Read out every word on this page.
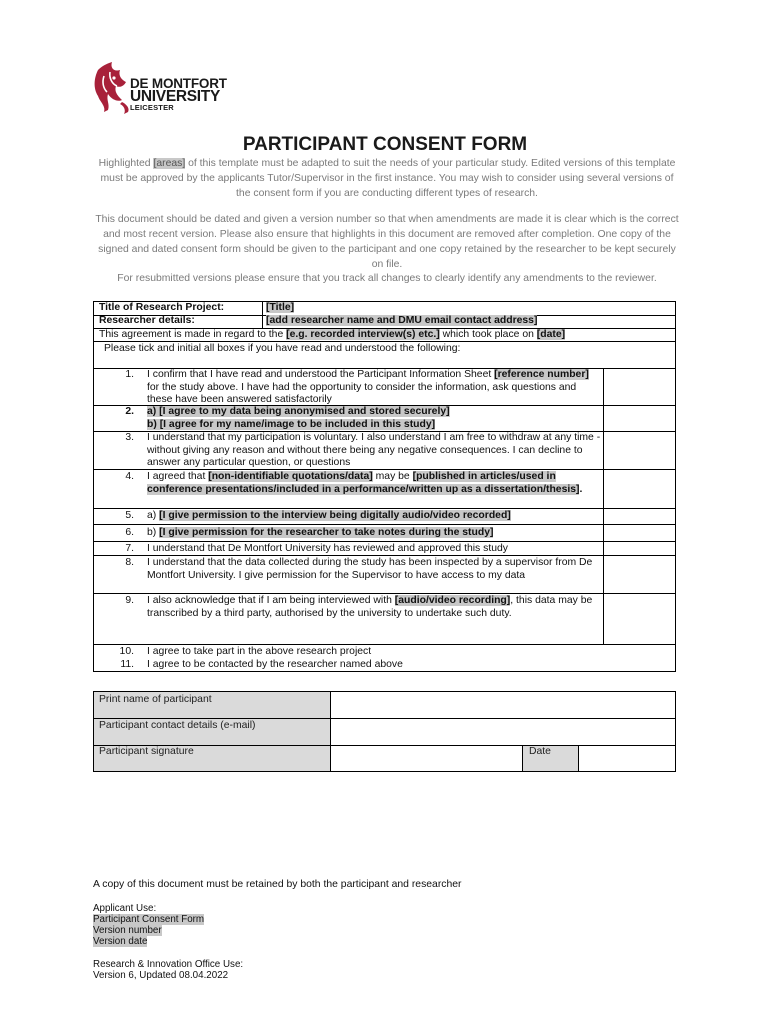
DE MONTFORT
UNIVERSITY
LEICESTER
PARTICIPANT CONSENT FORM
Highlighted [areas] of this template must be adapted to suit the needs of your particular study. Edited versions of this template must be approved by the applicants Tutor/Supervisor in the first instance. You may wish to consider using several versions of the consent form if you are conducting different types of research.
This document should be dated and given a version number so that when amendments are made it is clear which is the correct and most recent version. Please also ensure that highlights in this document are removed after completion. One copy of the signed and dated consent form should be given to the participant and one copy retained by the researcher to be kept securely on file.
For resubmitted versions please ensure that you track all changes to clearly identify any amendments to the reviewer.
Title of Research Project:	[Title]
Researcher details:	[add researcher name and DMU email contact address]
This agreement is made in regard to the [e.g. recorded interview(s) etc.] which took place on [date]
Please tick and initial all boxes if you have read and understood the following:
1. I confirm that I have read and understood the Participant Information Sheet [reference number] for the study above. I have had the opportunity to consider the information, ask questions and these have been answered satisfactorily
2. a) [I agree to my data being anonymised and stored securely]
b) [I agree for my name/image to be included in this study]
3. I understand that my participation is voluntary. I also understand I am free to withdraw at any time - without giving any reason and without there being any negative consequences. I can decline to answer any particular question, or questions
4. I agreed that [non-identifiable quotations/data] may be [published in articles/used in conference presentations/included in a performance/written up as a dissertation/thesis].
5. a) [I give permission to the interview being digitally audio/video recorded]
6. b) [I give permission for the researcher to take notes during the study]
7. I understand that De Montfort University has reviewed and approved this study
8. I understand that the data collected during the study has been inspected by a supervisor from De Montfort University. I give permission for the Supervisor to have access to my data
9. I also acknowledge that if I am being interviewed with [audio/video recording], this data may be transcribed by a third party, authorised by the university to undertake such duty.
10. I agree to take part in the above research project
11. I agree to be contacted by the researcher named above
Print name of participant
Participant contact details (e-mail)
Participant signature	Date
A copy of this document must be retained by both the participant and researcher
Applicant Use:
Participant Consent Form
Version number
Version date
Research & Innovation Office Use:
Version 6, Updated 08.04.2022
